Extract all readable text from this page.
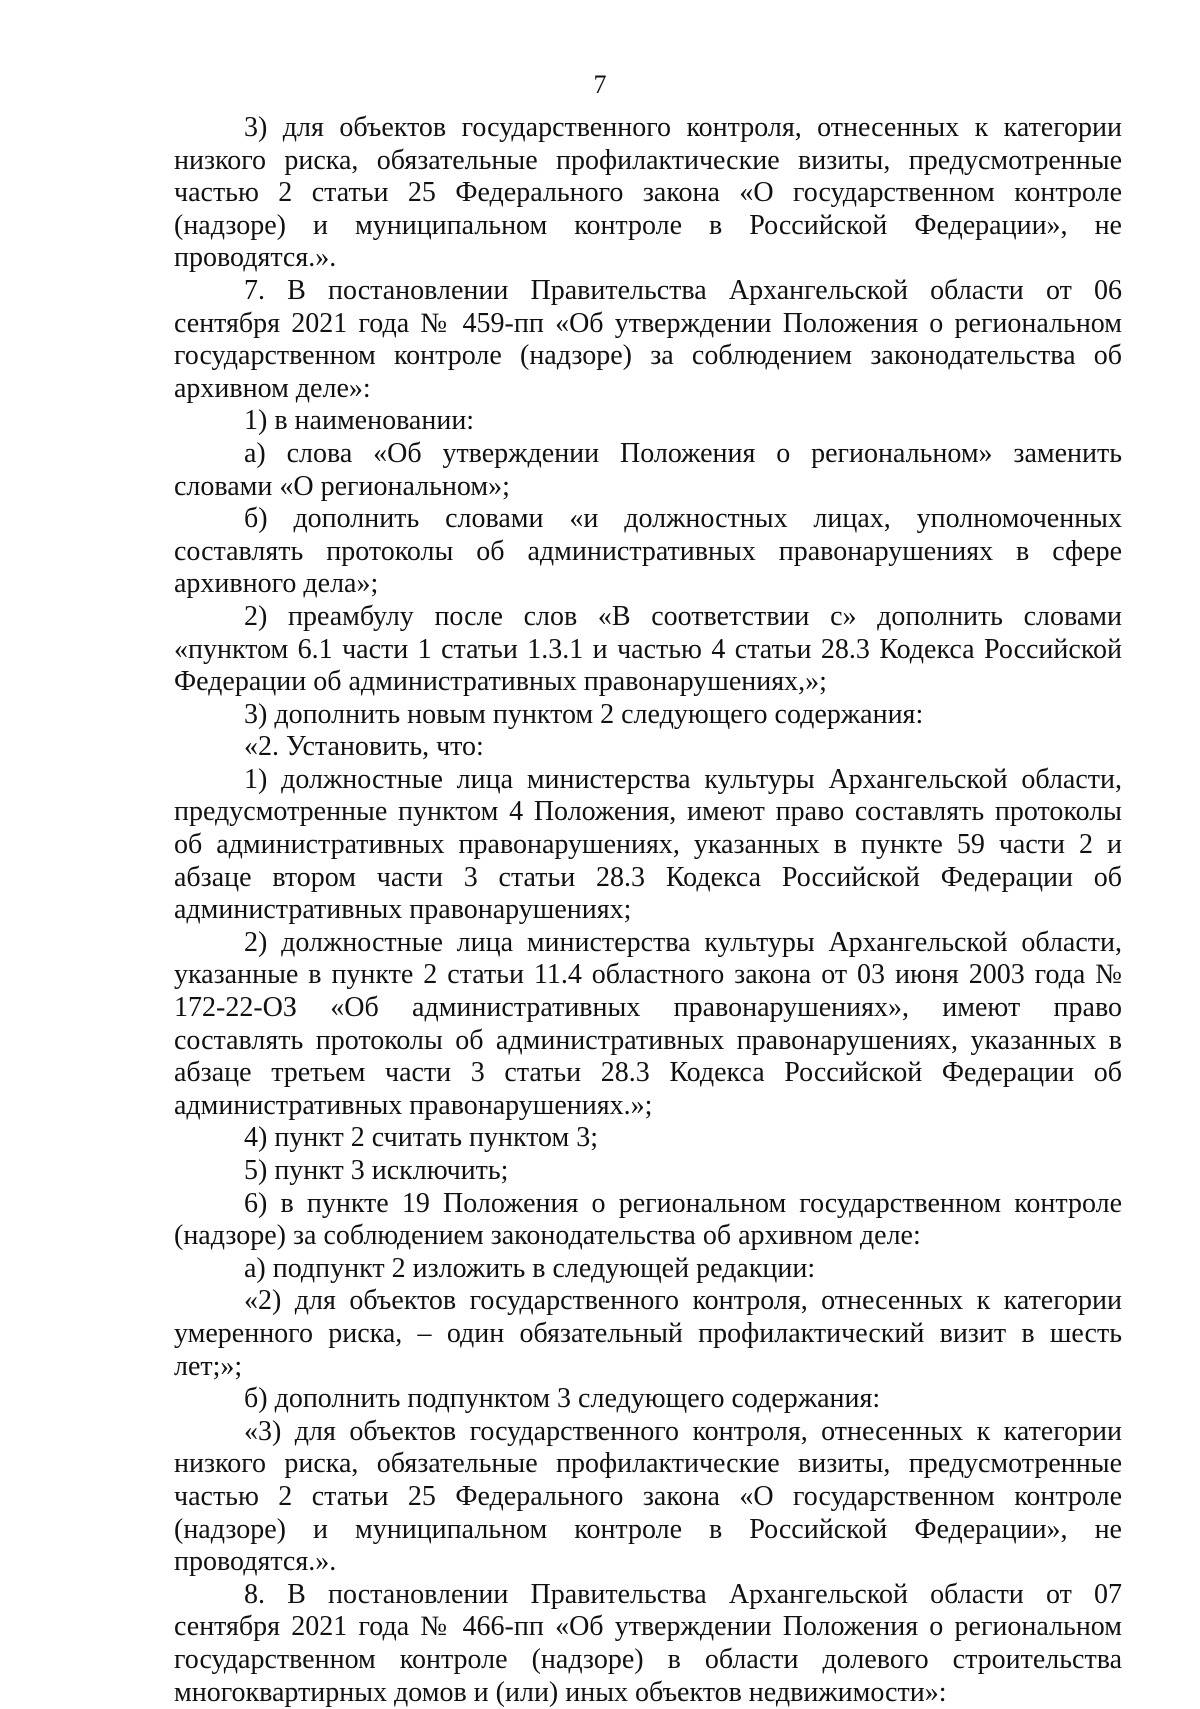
7

3) для объектов государственного контроля, отнесенных к категории низкого риска, обязательные профилактические визиты, предусмотренные частью 2 статьи 25 Федерального закона «О государственном контроле (надзоре) и муниципальном контроле в Российской Федерации», не проводятся.».

7. В постановлении Правительства Архангельской области от 06 сентября 2021 года № 459-пп «Об утверждении Положения о региональном государственном контроле (надзоре) за соблюдением законодательства об архивном деле»:

1) в наименовании:

а) слова «Об утверждении Положения о региональном» заменить словами «О региональном»;

б) дополнить словами «и должностных лицах, уполномоченных составлять протоколы об административных правонарушениях в сфере архивного дела»;

2) преамбулу после слов «В соответствии с» дополнить словами «пунктом 6.1 части 1 статьи 1.3.1 и частью 4 статьи 28.3 Кодекса Российской Федерации об административных правонарушениях,»;

3) дополнить новым пунктом 2 следующего содержания:

«2. Установить, что:

1) должностные лица министерства культуры Архангельской области, предусмотренные пунктом 4 Положения, имеют право составлять протоколы об административных правонарушениях, указанных в пункте 59 части 2 и абзаце втором части 3 статьи 28.3 Кодекса Российской Федерации об административных правонарушениях;

2) должностные лица министерства культуры Архангельской области, указанные в пункте 2 статьи 11.4 областного закона от 03 июня 2003 года № 172-22-ОЗ «Об административных правонарушениях», имеют право составлять протоколы об административных правонарушениях, указанных в абзаце третьем части 3 статьи 28.3 Кодекса Российской Федерации об административных правонарушениях.»;

4) пункт 2 считать пунктом 3;

5) пункт 3 исключить;

6) в пункте 19 Положения о региональном государственном контроле (надзоре) за соблюдением законодательства об архивном деле:

а) подпункт 2 изложить в следующей редакции:

«2) для объектов государственного контроля, отнесенных к категории умеренного риска, – один обязательный профилактический визит в шесть лет;»;

б) дополнить подпунктом 3 следующего содержания:

«3) для объектов государственного контроля, отнесенных к категории низкого риска, обязательные профилактические визиты, предусмотренные частью 2 статьи 25 Федерального закона «О государственном контроле (надзоре) и муниципальном контроле в Российской Федерации», не проводятся.».

8. В постановлении Правительства Архангельской области от 07 сентября 2021 года № 466-пп «Об утверждении Положения о региональном государственном контроле (надзоре) в области долевого строительства многоквартирных домов и (или) иных объектов недвижимости»:
